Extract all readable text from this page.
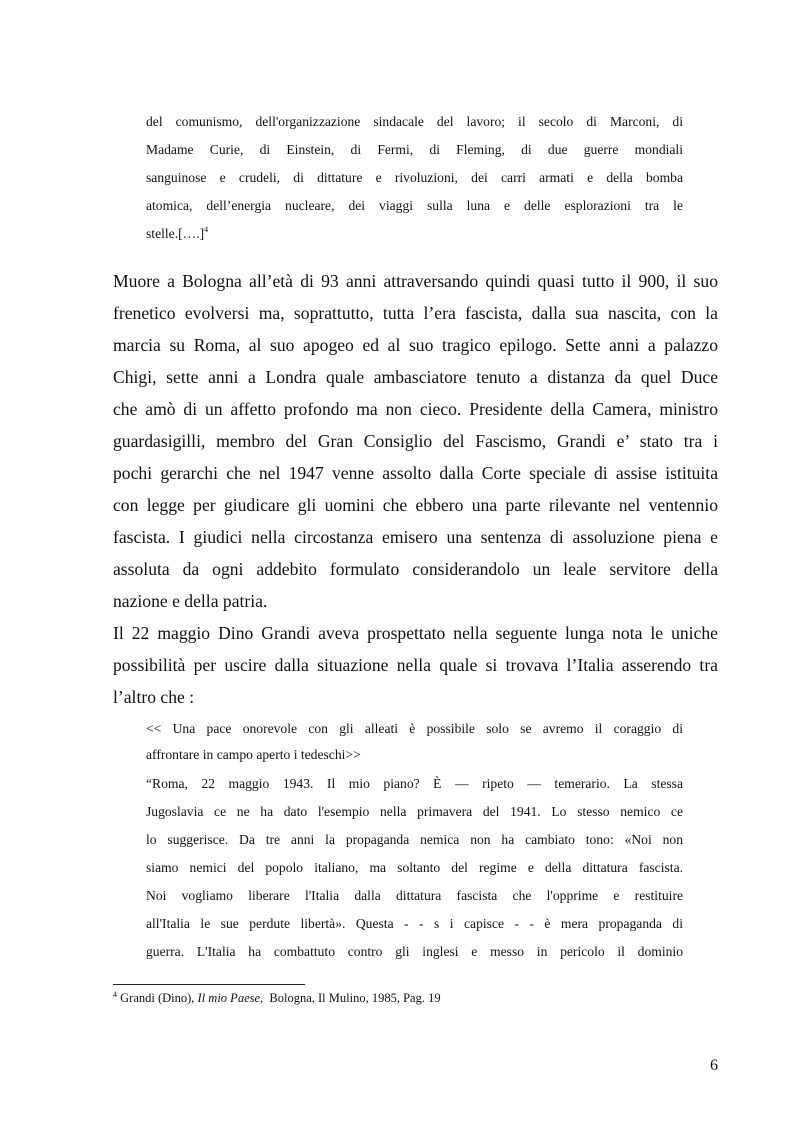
del comunismo, dell'organizzazione sindacale del lavoro; il secolo di Marconi, di
Madame Curie, di Einstein, di Fermi, di Fleming, di due guerre mondiali
sanguinose e crudeli, di dittature e rivoluzioni, dei carri armati e della bomba
atomica, dell’energia nucleare, dei viaggi sulla luna e delle esplorazioni tra le
stelle.[….]$^4$
Muore a Bologna all’età di 93 anni attraversando quindi quasi tutto il 900, il suo
frenetico evolversi ma, soprattutto, tutta l’era fascista, dalla sua nascita, con la
marcia su Roma, al suo apogeo ed al suo tragico epilogo. Sette anni a palazzo
Chigi, sette anni a Londra quale ambasciatore tenuto a distanza da quel Duce
che amò di un affetto profondo ma non cieco. Presidente della Camera, ministro
guardasigilli, membro del Gran Consiglio del Fascismo, Grandi e’ stato tra i
pochi gerarchi che nel 1947 venne assolto dalla Corte speciale di assise istituita
con legge per giudicare gli uomini che ebbero una parte rilevante nel ventennio
fascista. I giudici nella circostanza emisero una sentenza di assoluzione piena e
assoluta da ogni addebito formulato considerandolo un leale servitore della
nazione e della patria.
Il 22 maggio Dino Grandi aveva prospettato nella seguente lunga nota le uniche
possibilità per uscire dalla situazione nella quale si trovava l’Italia asserendo tra
l’altro che :
<< Una pace onorevole con gli alleati è possibile solo se avremo il coraggio di
affrontare in campo aperto i tedeschi>>
“Roma, 22 maggio 1943. Il mio piano? È — ripeto — temerario. La stessa
Jugoslavia ce ne ha dato l'esempio nella primavera del 1941. Lo stesso nemico ce
lo suggerisce. Da tre anni la propaganda nemica non ha cambiato tono: «Noi non
siamo nemici del popolo italiano, ma soltanto del regime e della dittatura fascista.
Noi vogliamo liberare l'Italia dalla dittatura fascista che l'opprime e restituire
all'Italia le sue perdute libertà». Questa - - s i capisce - - è mera propaganda di
guerra. L'Italia ha combattuto contro gli inglesi e messo in pericolo il dominio
$^4$ Grandi (Dino), Il mio Paese,  Bologna, Il Mulino, 1985, Pag. 19
6
